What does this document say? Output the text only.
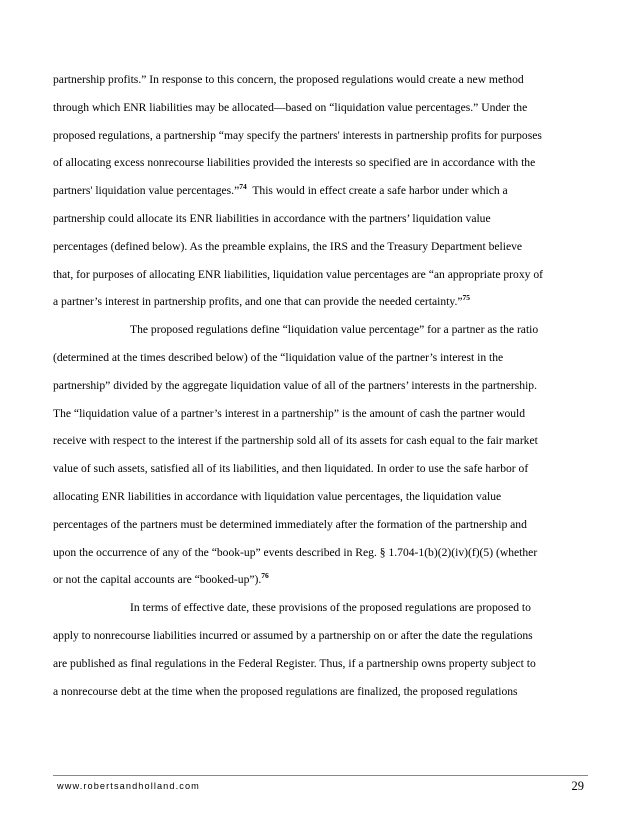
partnership profits.” In response to this concern, the proposed regulations would create a new method
through which ENR liabilities may be allocated—based on “liquidation value percentages.” Under the
proposed regulations, a partnership “may specify the partners' interests in partnership profits for purposes
of allocating excess nonrecourse liabilities provided the interests so specified are in accordance with the
partners' liquidation value percentages.”$^{74}$  This would in effect create a safe harbor under which a
partnership could allocate its ENR liabilities in accordance with the partners’ liquidation value
percentages (defined below). As the preamble explains, the IRS and the Treasury Department believe
that, for purposes of allocating ENR liabilities, liquidation value percentages are “an appropriate proxy of
a partner’s interest in partnership profits, and one that can provide the needed certainty.”$^{75}$
The proposed regulations define “liquidation value percentage” for a partner as the ratio
(determined at the times described below) of the “liquidation value of the partner’s interest in the
partnership” divided by the aggregate liquidation value of all of the partners’ interests in the partnership.
The “liquidation value of a partner’s interest in a partnership” is the amount of cash the partner would
receive with respect to the interest if the partnership sold all of its assets for cash equal to the fair market
value of such assets, satisfied all of its liabilities, and then liquidated. In order to use the safe harbor of
allocating ENR liabilities in accordance with liquidation value percentages, the liquidation value
percentages of the partners must be determined immediately after the formation of the partnership and
upon the occurrence of any of the “book-up” events described in Reg. § 1.704-1(b)(2)(iv)(f)(5) (whether
or not the capital accounts are “booked-up”).$^{76}$
In terms of effective date, these provisions of the proposed regulations are proposed to
apply to nonrecourse liabilities incurred or assumed by a partnership on or after the date the regulations
are published as final regulations in the Federal Register. Thus, if a partnership owns property subject to
a nonrecourse debt at the time when the proposed regulations are finalized, the proposed regulations
www.robertsandholland.com	29
